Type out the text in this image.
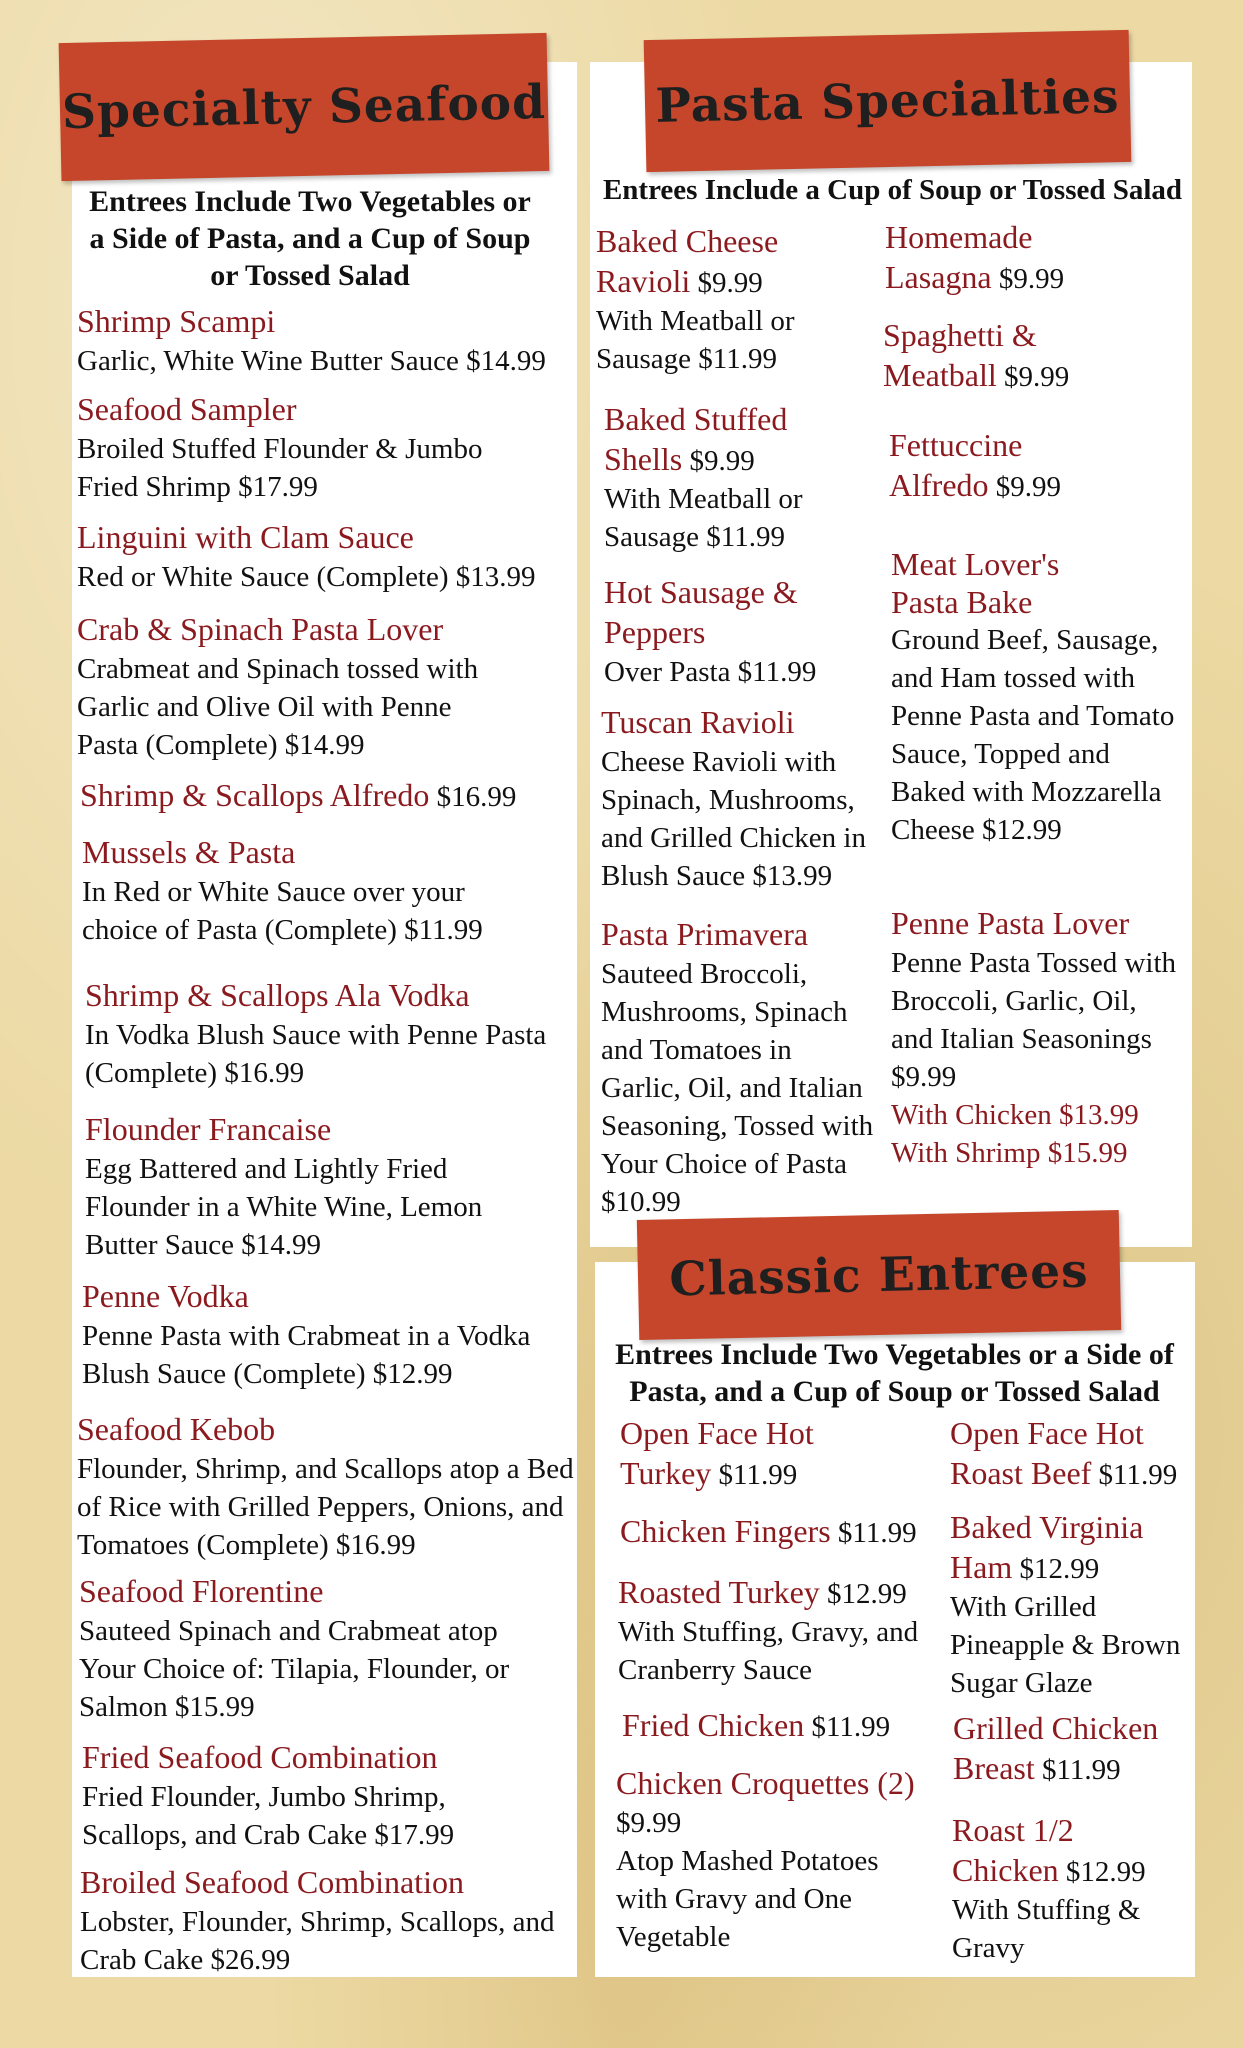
Specialty Seafood Pasta Specialties
Classic Entrees
Entrees Include Two Vegetables or a Side of Pasta, and a Cup of Soup or Tossed Salad
Entrees Include a Cup of Soup or Tossed Salad
Entrees Include Two Vegetables or a Side of Pasta, and a Cup of Soup or Tossed Salad
Shrimp Scampi
Garlic, White Wine Butter Sauce $14.99
Seafood Sampler
Broiled Stuffed Flounder & Jumbo Fried Shrimp $17.99
Linguini with Clam Sauce
Red or White Sauce (Complete) $13.99
Crab & Spinach Pasta Lover
Crabmeat and Spinach tossed with Garlic and Olive Oil with Penne Pasta (Complete) $14.99
Shrimp & Scallops Alfredo $16.99
Mussels & Pasta
In Red or White Sauce over your choice of Pasta (Complete) $11.99
Shrimp & Scallops Ala Vodka
In Vodka Blush Sauce with Penne Pasta (Complete) $16.99
Flounder Francaise
Egg Battered and Lightly Fried Flounder in a White Wine, Lemon Butter Sauce $14.99
Penne Vodka
Penne Pasta with Crabmeat in a Vodka Blush Sauce (Complete) $12.99
Seafood Kebob
Flounder, Shrimp, and Scallops atop a Bed of Rice with Grilled Peppers, Onions, and Tomatoes (Complete) $16.99
Seafood Florentine
Sauteed Spinach and Crabmeat atop Your Choice of: Tilapia, Flounder, or Salmon $15.99
Fried Seafood Combination
Fried Flounder, Jumbo Shrimp, Scallops, and Crab Cake $17.99
Broiled Seafood Combination
Lobster, Flounder, Shrimp, Scallops, and Crab Cake $26.99
Baked Cheese Ravioli $9.99
With Meatball or Sausage $11.99
Baked Stuffed Shells $9.99
With Meatball or Sausage $11.99
Hot Sausage & Peppers
Over Pasta $11.99
Tuscan Ravioli
Cheese Ravioli with Spinach, Mushrooms, and Grilled Chicken in Blush Sauce $13.99
Pasta Primavera
Sauteed Broccoli, Mushrooms, Spinach and Tomatoes in Garlic, Oil, and Italian Seasoning, Tossed with Your Choice of Pasta $10.99
Homemade Lasagna $9.99
Spaghetti & Meatball $9.99
Fettuccine Alfredo $9.99
Meat Lover's Pasta Bake
Ground Beef, Sausage, and Ham tossed with Penne Pasta and Tomato Sauce, Topped and Baked with Mozzarella Cheese $12.99
Penne Pasta Lover
Penne Pasta Tossed with Broccoli, Garlic, Oil, and Italian Seasonings $9.99
With Chicken $13.99
With Shrimp $15.99
Open Face Hot Turkey $11.99
Chicken Fingers $11.99
Roasted Turkey $12.99
With Stuffing, Gravy, and Cranberry Sauce
Fried Chicken $11.99
Chicken Croquettes (2) $9.99
Atop Mashed Potatoes with Gravy and One Vegetable
Open Face Hot Roast Beef $11.99
Baked Virginia Ham $12.99
With Grilled Pineapple & Brown Sugar Glaze
Grilled Chicken Breast $11.99
Roast 1/2 Chicken $12.99
With Stuffing & Gravy
